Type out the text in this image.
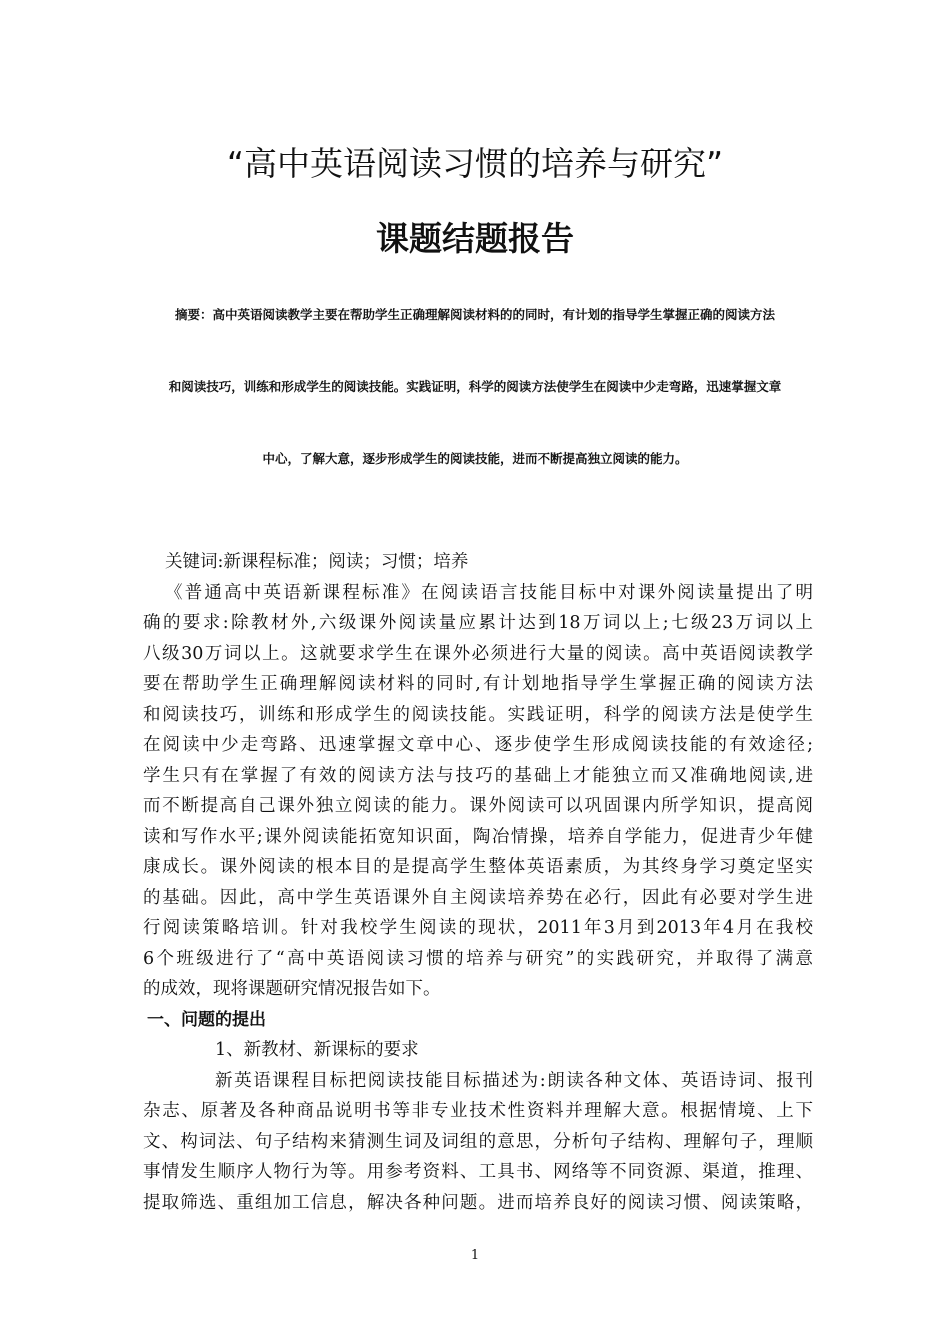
“高中英语阅读习惯的培养与研究”
课题结题报告
摘要：高中英语阅读教学主要在帮助学生正确理解阅读材料的的同时，有计划的指导学生掌握正确的阅读方法
和阅读技巧，训练和形成学生的阅读技能。实践证明，科学的阅读方法使学生在阅读中少走弯路，迅速掌握文章
中心，了解大意，逐步形成学生的阅读技能，进而不断提高独立阅读的能力。
关键词:新课程标准；阅读；习惯；培养
《普通高中英语新课程标准》在阅读语言技能目标中对课外阅读量提出了明
确的要求:除教材外,六级课外阅读量应累计达到18万词以上;七级23万词以上
八级30万词以上。这就要求学生在课外必须进行大量的阅读。高中英语阅读教学
要在帮助学生正确理解阅读材料的同时,有计划地指导学生掌握正确的阅读方法
和阅读技巧，训练和形成学生的阅读技能。实践证明，科学的阅读方法是使学生
在阅读中少走弯路、迅速掌握文章中心、逐步使学生形成阅读技能的有效途径;
学生只有在掌握了有效的阅读方法与技巧的基础上才能独立而又准确地阅读,进
而不断提高自己课外独立阅读的能力。课外阅读可以巩固课内所学知识，提高阅
读和写作水平;课外阅读能拓宽知识面，陶冶情操，培养自学能力，促进青少年健
康成长。课外阅读的根本目的是提高学生整体英语素质，为其终身学习奠定坚实
的基础。因此，高中学生英语课外自主阅读培养势在必行，因此有必要对学生进
行阅读策略培训。针对我校学生阅读的现状，2011年3月到2013年4月在我校
6个班级进行了“高中英语阅读习惯的培养与研究”的实践研究，并取得了满意
的成效，现将课题研究情况报告如下。
一、问题的提出
1、新教材、新课标的要求
新英语课程目标把阅读技能目标描述为:朗读各种文体、英语诗词、报刊
杂志、原著及各种商品说明书等非专业技术性资料并理解大意。根据情境、上下
文、构词法、句子结构来猜测生词及词组的意思，分析句子结构、理解句子，理顺
事情发生顺序人物行为等。用参考资料、工具书、网络等不同资源、渠道，推理、
提取筛选、重组加工信息，解决各种问题。进而培养良好的阅读习惯、阅读策略，
1
